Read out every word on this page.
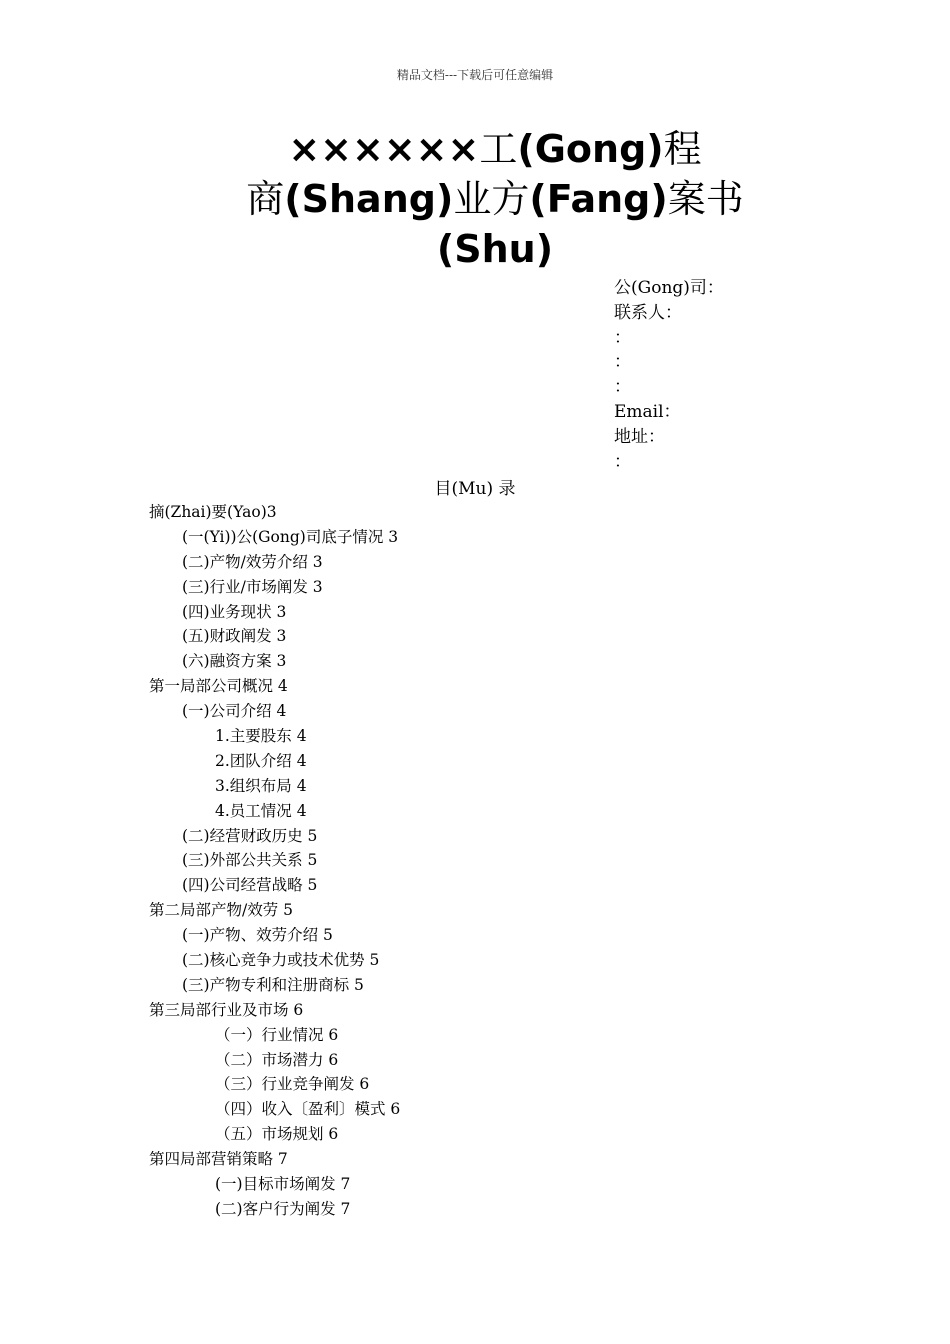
精品文档---下载后可任意编辑
××××××工(Gong)程
商(Shang)业方(Fang)案书
(Shu)
公(Gong)司：
联系人：
：
：
：
Email：
地址：
：
目(Mu) 录
摘(Zhai)要(Yao)3
(一(Yi))公(Gong)司底子情况 3
(二)产物/效劳介绍 3
(三)行业/市场阐发 3
(四)业务现状 3
(五)财政阐发 3
(六)融资方案 3
第一局部公司概况 4
(一)公司介绍 4
1.主要股东 4
2.团队介绍 4
3.组织布局 4
4.员工情况 4
(二)经营财政历史 5
(三)外部公共关系 5
(四)公司经营战略 5
第二局部产物/效劳 5
(一)产物、效劳介绍 5
(二)核心竞争力或技术优势 5
(三)产物专利和注册商标 5
第三局部行业及市场 6
（一）行业情况 6
（二）市场潜力 6
（三）行业竞争阐发 6
（四）收入〔盈利〕模式 6
（五）市场规划 6
第四局部营销策略 7
(一)目标市场阐发 7
(二)客户行为阐发 7
